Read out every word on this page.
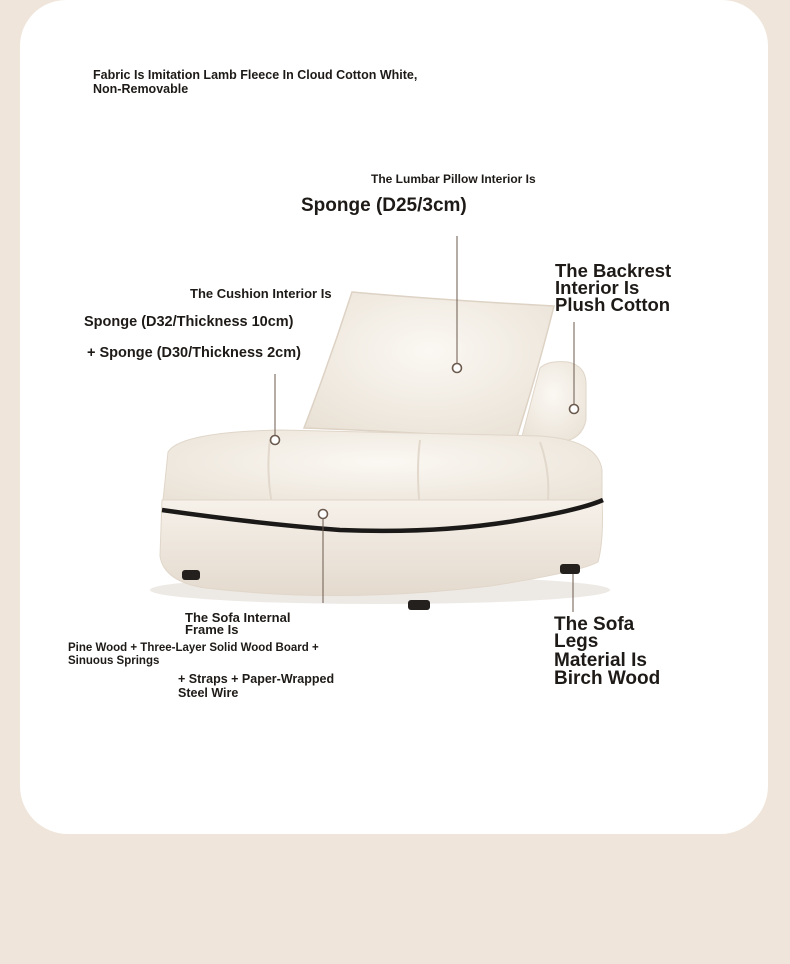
Fabric Is Imitation Lamb Fleece In Cloud Cotton White,
Non-Removable

The Lumbar Pillow Interior Is

Sponge (D25/3cm)

The Cushion Interior Is

Sponge (D32/Thickness 10cm)

+ Sponge (D30/Thickness 2cm)

The Backrest
Interior Is
Plush Cotton

The Sofa Internal
Frame Is

Pine Wood + Three-Layer Solid Wood Board +
Sinuous Springs

+ Straps + Paper-Wrapped
Steel Wire

The Sofa
Legs

Material Is
Birch Wood
